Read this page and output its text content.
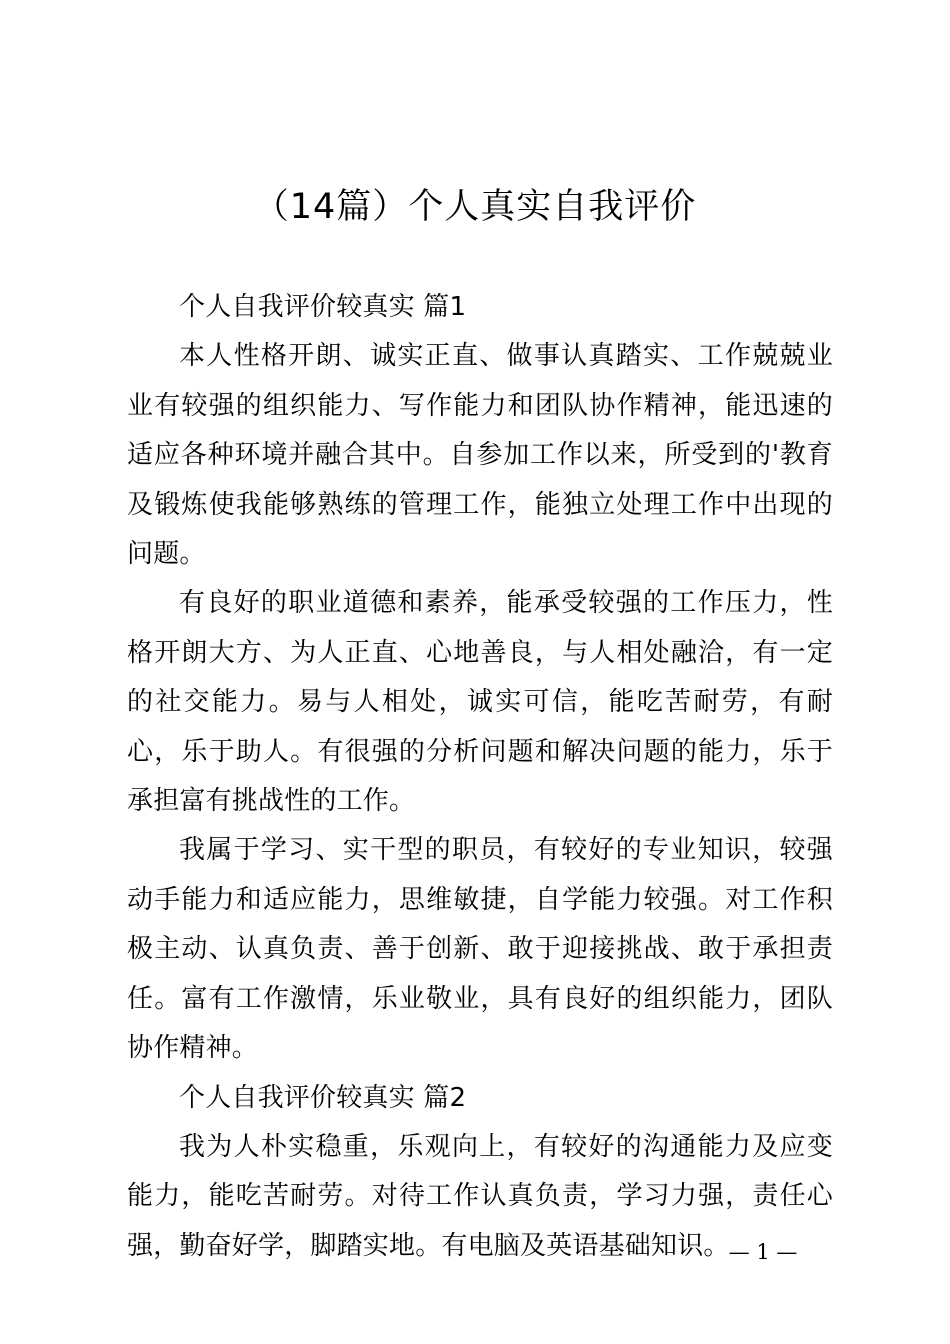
（14篇）个人真实自我评价

个人自我评价较真实 篇1

本人性格开朗、诚实正直、做事认真踏实、工作兢兢业业有较强的组织能力、写作能力和团队协作精神，能迅速的适应各种环境并融合其中。自参加工作以来，所受到的'教育及锻炼使我能够熟练的管理工作，能独立处理工作中出现的问题。

有良好的职业道德和素养，能承受较强的工作压力，性格开朗大方、为人正直、心地善良，与人相处融洽，有一定的社交能力。易与人相处，诚实可信，能吃苦耐劳，有耐心，乐于助人。有很强的分析问题和解决问题的能力，乐于承担富有挑战性的工作。

我属于学习、实干型的职员，有较好的专业知识，较强动手能力和适应能力，思维敏捷，自学能力较强。对工作积极主动、认真负责、善于创新、敢于迎接挑战、敢于承担责任。富有工作激情，乐业敬业，具有良好的组织能力，团队协作精神。

个人自我评价较真实 篇2

我为人朴实稳重，乐观向上，有较好的沟通能力及应变能力，能吃苦耐劳。对待工作认真负责，学习力强，责任心强，勤奋好学，脚踏实地。有电脑及英语基础知识。 — 1 —
